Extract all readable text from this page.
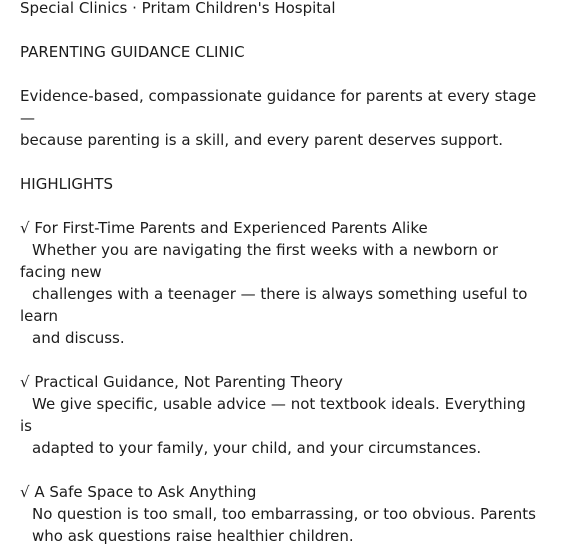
Special Clinics · Pritam Children's Hospital
PARENTING GUIDANCE CLINIC
Evidence-based, compassionate guidance for parents at every stage
—
because parenting is a skill, and every parent deserves support.
HIGHLIGHTS
√ For First-Time Parents and Experienced Parents Alike
Whether you are navigating the first weeks with a newborn or
facing new
challenges with a teenager — there is always something useful to
learn
and discuss.
√ Practical Guidance, Not Parenting Theory
We give specific, usable advice — not textbook ideals. Everything
is
adapted to your family, your child, and your circumstances.
√ A Safe Space to Ask Anything
No question is too small, too embarrassing, or too obvious. Parents
who ask questions raise healthier children.
